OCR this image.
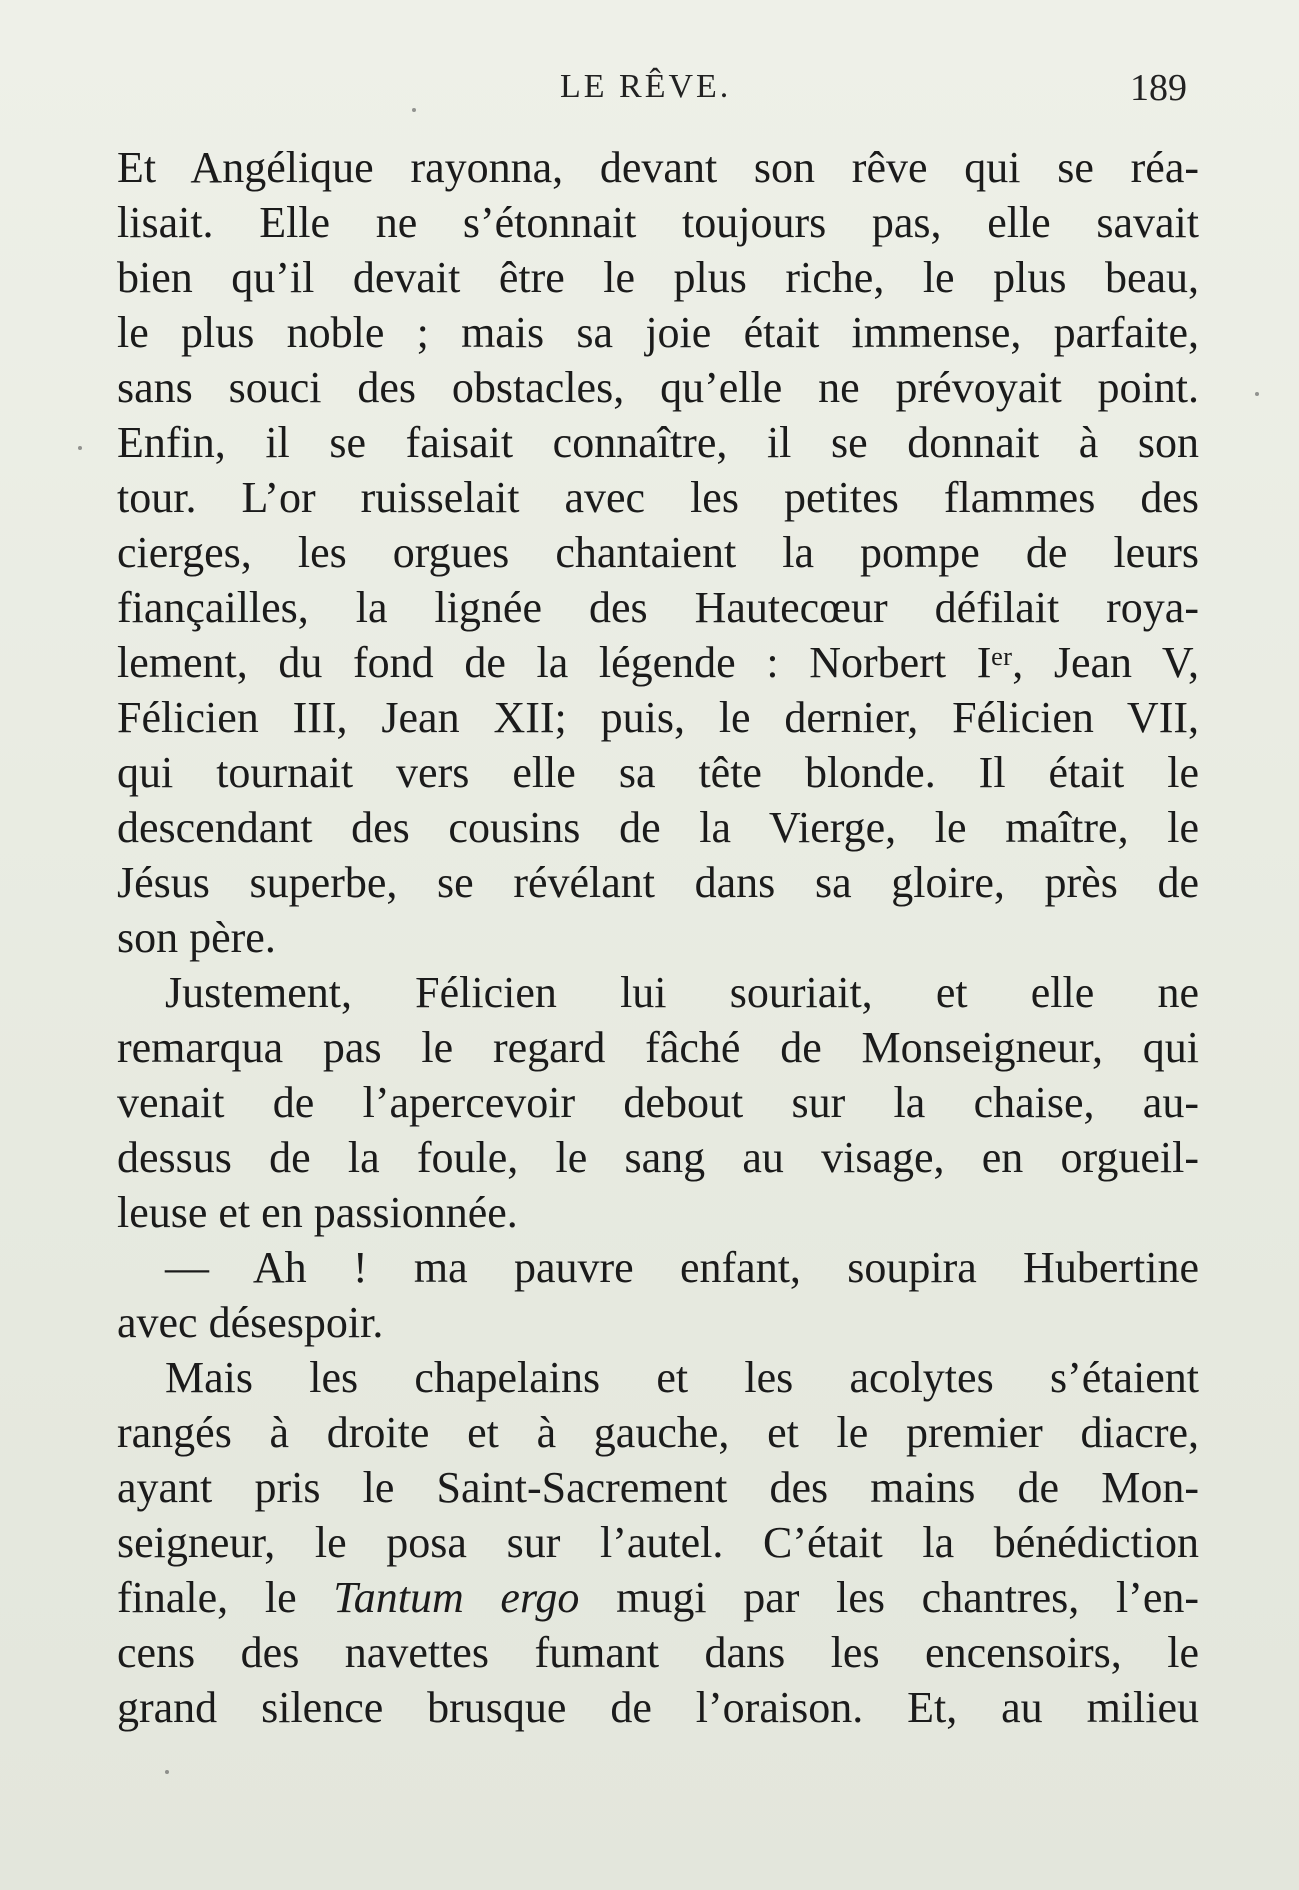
LE RÊVE.	189
Et Angélique rayonna, devant son rêve qui se réa-
lisait. Elle ne s’étonnait toujours pas, elle savait
bien qu’il devait être le plus riche, le plus beau,
le plus noble ; mais sa joie était immense, parfaite,
sans souci des obstacles, qu’elle ne prévoyait point.
Enfin, il se faisait connaître, il se donnait à son
tour. L’or ruisselait avec les petites flammes des
cierges, les orgues chantaient la pompe de leurs
fiançailles, la lignée des Hautecœur défilait roya-
lement, du fond de la légende : Norbert Iᵉʳ, Jean V,
Félicien III, Jean XII; puis, le dernier, Félicien VII,
qui tournait vers elle sa tête blonde. Il était le
descendant des cousins de la Vierge, le maître, le
Jésus superbe, se révélant dans sa gloire, près de
son père.
Justement, Félicien lui souriait, et elle ne
remarqua pas le regard fâché de Monseigneur, qui
venait de l’apercevoir debout sur la chaise, au-
dessus de la foule, le sang au visage, en orgueil-
leuse et en passionnée.
— Ah ! ma pauvre enfant, soupira Hubertine
avec désespoir.
Mais les chapelains et les acolytes s’étaient
rangés à droite et à gauche, et le premier diacre,
ayant pris le Saint-Sacrement des mains de Mon-
seigneur, le posa sur l’autel. C’était la bénédiction
finale, le Tantum ergo mugi par les chantres, l’en-
cens des navettes fumant dans les encensoirs, le
grand silence brusque de l’oraison. Et, au milieu
